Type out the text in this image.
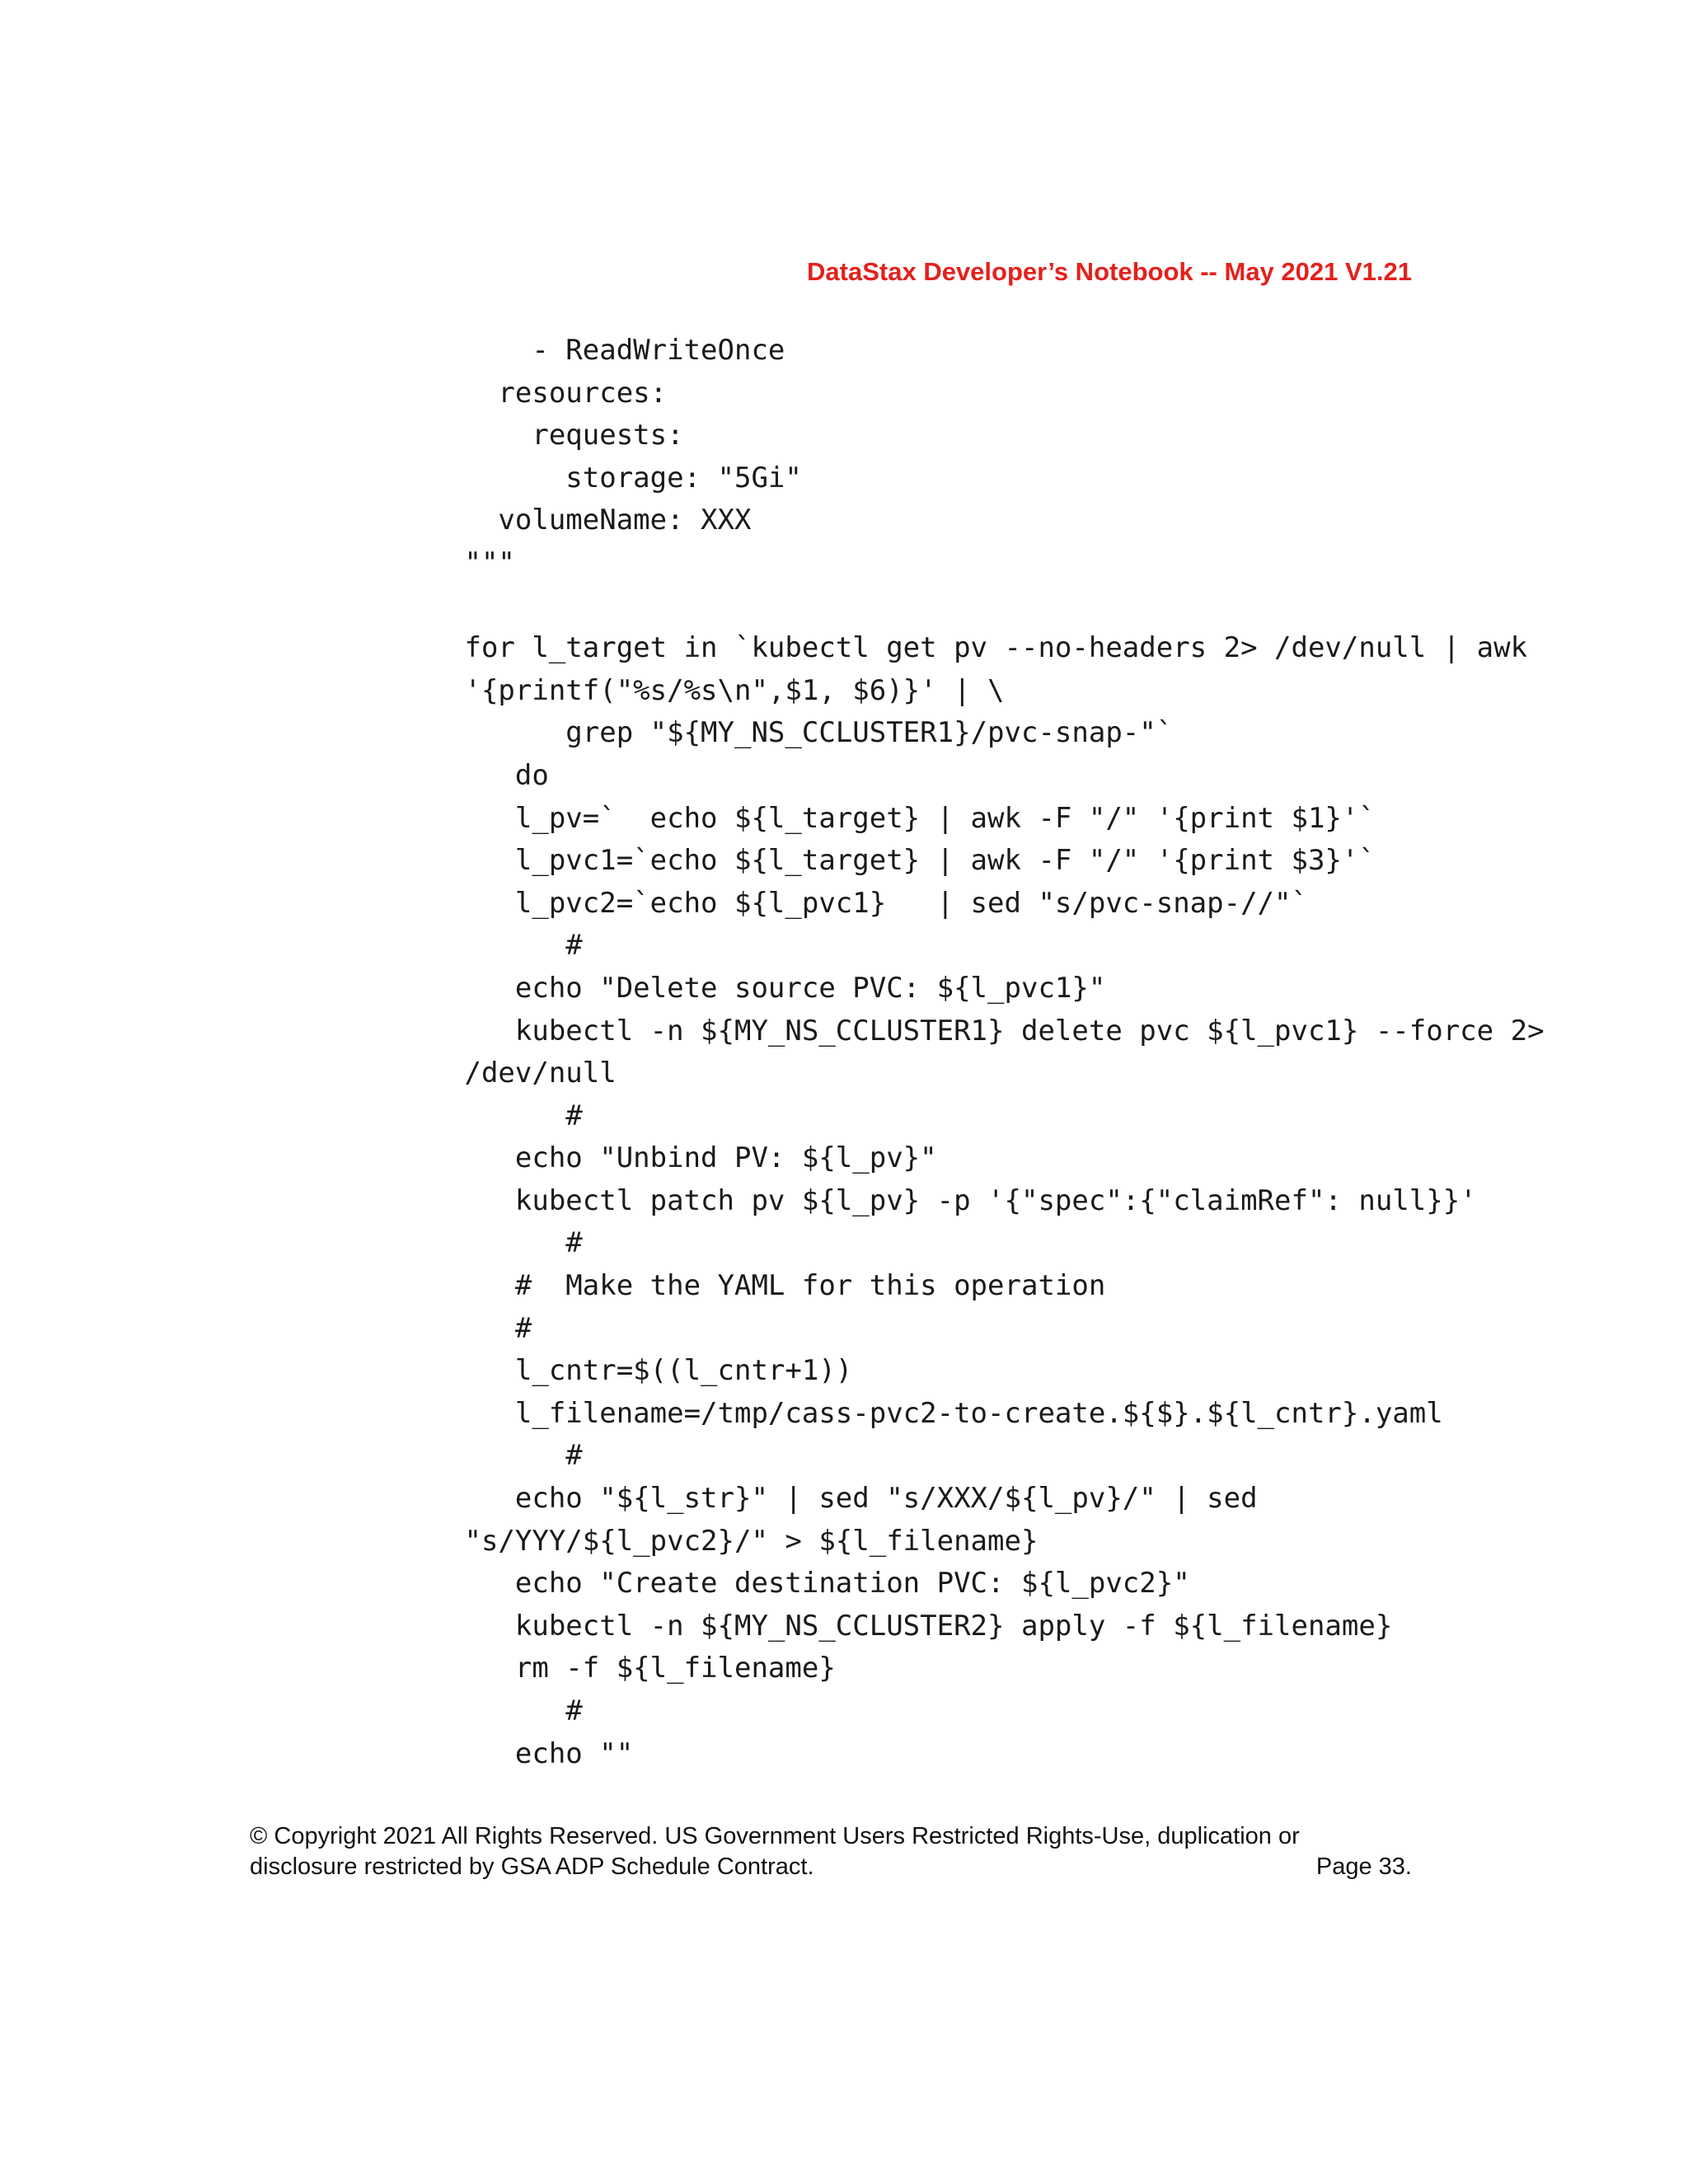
DataStax Developer’s Notebook -- May 2021 V1.21
- ReadWriteOnce
resources:
requests:
storage: "5Gi"
volumeName: XXX
"""
for l_target in `kubectl get pv --no-headers 2> /dev/null | awk
'{printf("%s/%s\n",$1, $6)}' | \
grep "${MY_NS_CCLUSTER1}/pvc-snap-"`
do
l_pv=`  echo ${l_target} | awk -F "/" '{print $1}'`
l_pvc1=`echo ${l_target} | awk -F "/" '{print $3}'`
l_pvc2=`echo ${l_pvc1}   | sed "s/pvc-snap-//"`
#
echo "Delete source PVC: ${l_pvc1}"
kubectl -n ${MY_NS_CCLUSTER1} delete pvc ${l_pvc1} --force 2>
/dev/null
#
echo "Unbind PV: ${l_pv}"
kubectl patch pv ${l_pv} -p '{"spec":{"claimRef": null}}'
#
#  Make the YAML for this operation
#
l_cntr=$((l_cntr+1))
l_filename=/tmp/cass-pvc2-to-create.${$}.${l_cntr}.yaml
#
echo "${l_str}" | sed "s/XXX/${l_pv}/" | sed
"s/YYY/${l_pvc2}/" > ${l_filename}
echo "Create destination PVC: ${l_pvc2}"
kubectl -n ${MY_NS_CCLUSTER2} apply -f ${l_filename}
rm -f ${l_filename}
#
echo ""
© Copyright 2021 All Rights Reserved. US Government Users Restricted Rights-Use, duplication or
disclosure restricted by GSA ADP Schedule Contract.	Page 33.
